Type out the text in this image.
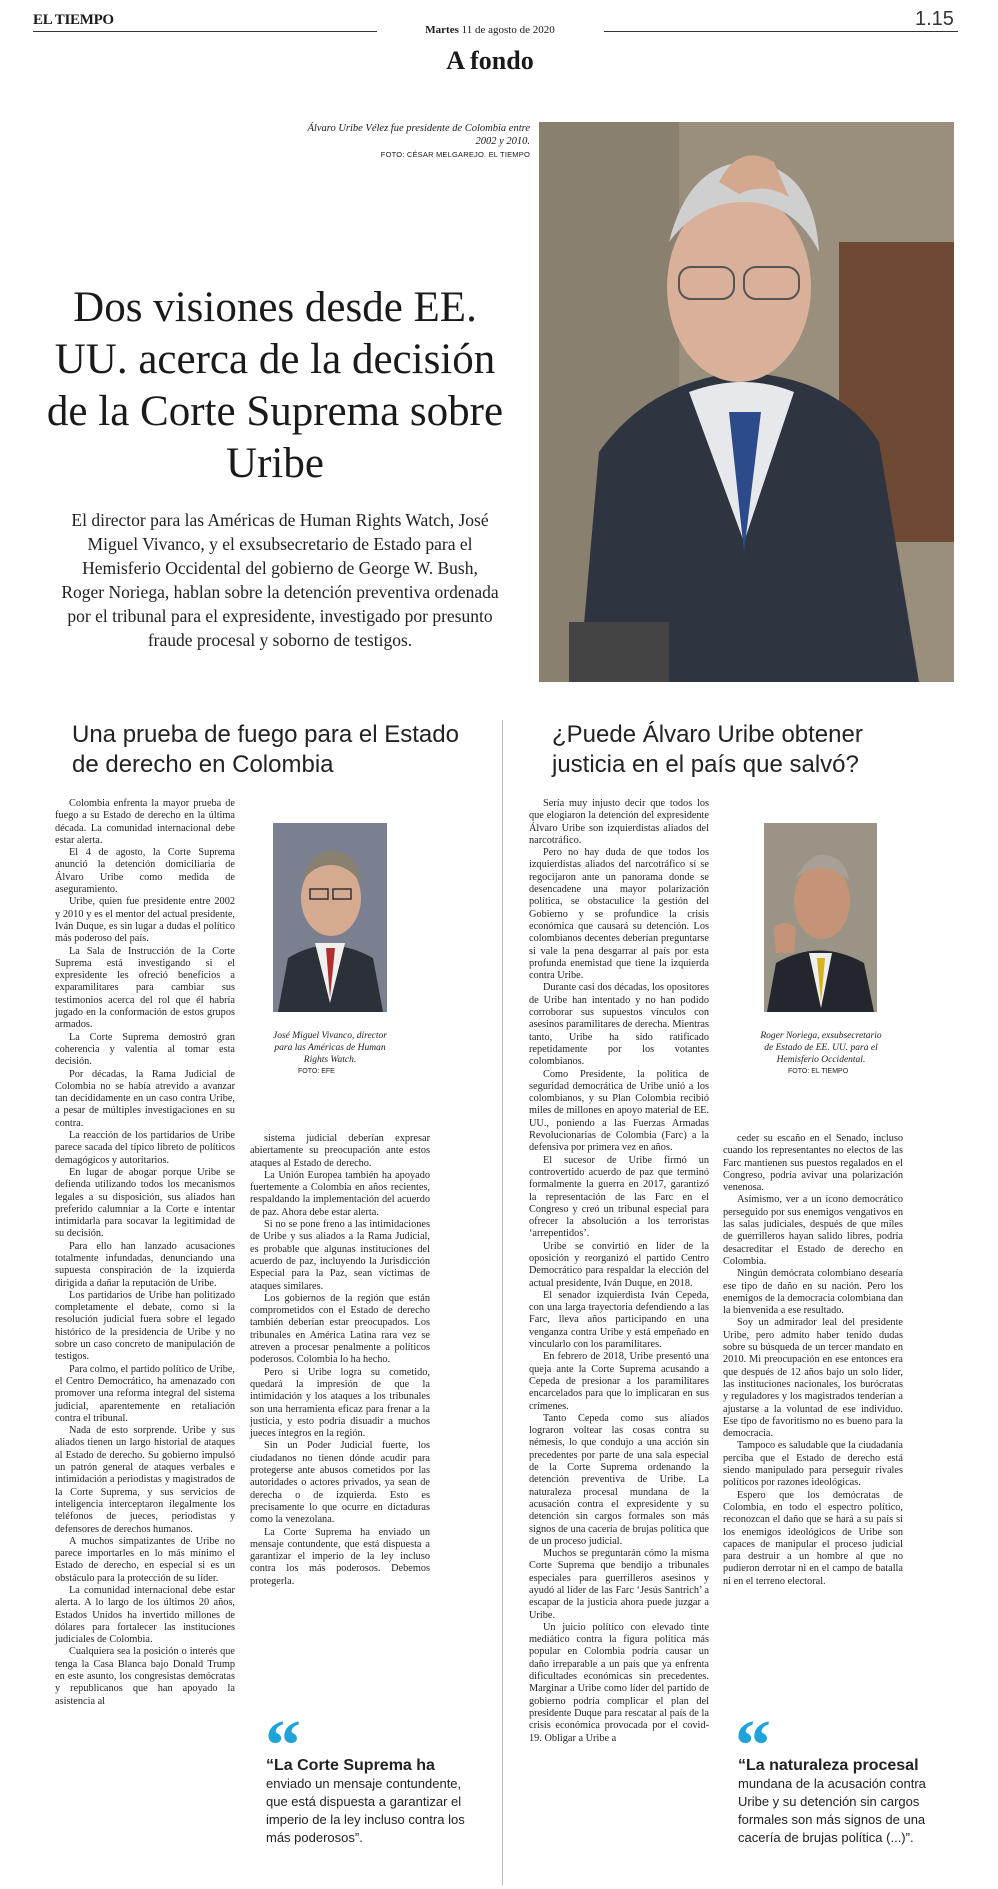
EL TIEMPO
Martes 11 de agosto de 2020	1.15
A fondo
Álvaro Uribe Vélez fue presidente de Colombia entre 2002 y 2010.
FOTO: CÉSAR MELGAREJO. EL TIEMPO
Dos visiones desde EE. UU. acerca de la decisión de la Corte Suprema sobre Uribe
El director para las Américas de Human Rights Watch, José Miguel Vivanco, y el exsubsecretario de Estado para el Hemisferio Occidental del gobierno de George W. Bush, Roger Noriega, hablan sobre la detención preventiva ordenada por el tribunal para el expresidente, investigado por presunto fraude procesal y soborno de testigos.
Una prueba de fuego para el Estado de derecho en Colombia

Colombia enfrenta la mayor prueba de fuego a su Estado de derecho en la última década. La comunidad internacional debe estar alerta.

El 4 de agosto, la Corte Suprema anunció la detención domiciliaria de Álvaro Uribe como medida de aseguramiento.

Uribe, quien fue presidente entre 2002 y 2010 y es el mentor del actual presidente, Iván Duque, es sin lugar a dudas el político más poderoso del país.

La Sala de Instrucción de la Corte Suprema está investigando si el expresidente les ofreció beneficios a exparamilitares para cambiar sus testimonios acerca del rol que él habría jugado en la conformación de estos grupos armados.

La Corte Suprema demostró gran coherencia y valentía al tomar esta decisión.

Por décadas, la Rama Judicial de Colombia no se había atrevido a avanzar tan decididamente en un caso contra Uribe, a pesar de múltiples investigaciones en su contra.

La reacción de los partidarios de Uribe parece sacada del típico libreto de políticos demagógicos y autoritarios.

En lugar de abogar porque Uribe se defienda utilizando todos los mecanismos legales a su disposición, sus aliados han preferido calumniar a la Corte e intentar intimidarla para socavar la legitimidad de su decisión.

Para ello han lanzado acusaciones totalmente infundadas, denunciando una supuesta conspiración de la izquierda dirigida a dañar la reputación de Uribe.

Los partidarios de Uribe han politizado completamente el debate, como si la resolución judicial fuera sobre el legado histórico de la presidencia de Uribe y no sobre un caso concreto de manipulación de testigos.

Para colmo, el partido político de Uribe, el Centro Democrático, ha amenazado con promover una reforma integral del sistema judicial, aparentemente en retaliación contra el tribunal.

Nada de esto sorprende. Uribe y sus aliados tienen un largo historial de ataques al Estado de derecho. Su gobierno impulsó un patrón general de ataques verbales e intimidación a periodistas y magistrados de la Corte Suprema, y sus servicios de inteligencia interceptaron ilegalmente los teléfonos de jueces, periodistas y defensores de derechos humanos.

A muchos simpatizantes de Uribe no parece importarles en lo más mínimo el Estado de derecho, en especial si es un obstáculo para la protección de su líder.

La comunidad internacional debe estar alerta. A lo largo de los últimos 20 años, Estados Unidos ha invertido millones de dólares para fortalecer las instituciones judiciales de Colombia.

Cualquiera sea la posición o interés que tenga la Casa Blanca bajo Donald Trump en este asunto, los congresistas demócratas y republicanos que han apoyado la asistencia al

José Miguel Vivanco, director para las Américas de Human Rights Watch.
FOTO: EFE

sistema judicial deberían expresar abiertamente su preocupación ante estos ataques al Estado de derecho.

La Unión Europea también ha apoyado fuertemente a Colombia en años recientes, respaldando la implementación del acuerdo de paz. Ahora debe estar alerta.

Si no se pone freno a las intimidaciones de Uribe y sus aliados a la Rama Judicial, es probable que algunas instituciones del acuerdo de paz, incluyendo la Jurisdicción Especial para la Paz, sean víctimas de ataques similares.

Los gobiernos de la región que están comprometidos con el Estado de derecho también deberían estar preocupados. Los tribunales en América Latina rara vez se atreven a procesar penalmente a políticos poderosos. Colombia lo ha hecho.

Pero si Uribe logra su cometido, quedará la impresión de que la intimidación y los ataques a los tribunales son una herramienta eficaz para frenar a la justicia, y esto podría disuadir a muchos jueces íntegros en la región.

Sin un Poder Judicial fuerte, los ciudadanos no tienen dónde acudir para protegerse ante abusos cometidos por las autoridades o actores privados, ya sean de derecha o de izquierda. Esto es precisamente lo que ocurre en dictaduras como la venezolana.

La Corte Suprema ha enviado un mensaje contundente, que está dispuesta a garantizar el imperio de la ley incluso contra los más poderosos. Debemos protegerla.

“
“La Corte Suprema ha
enviado un mensaje contundente, que está dispuesta a garantizar el imperio de la ley incluso contra los más poderosos”.
¿Puede Álvaro Uribe obtener justicia en el país que salvó?

Sería muy injusto decir que todos los que elogiaron la detención del expresidente Álvaro Uribe son izquierdistas aliados del narcotráfico.

Pero no hay duda de que todos los izquierdistas aliados del narcotráfico sí se regocijaron ante un panorama donde se desencadene una mayor polarización política, se obstaculice la gestión del Gobierno y se profundice la crisis económica que causará su detención. Los colombianos decentes deberían preguntarse si vale la pena desgarrar al país por esta profunda enemistad que tiene la izquierda contra Uribe.

Durante casi dos décadas, los opositores de Uribe han intentado y no han podido corroborar sus supuestos vínculos con asesinos paramilitares de derecha. Mientras tanto, Uribe ha sido ratificado repetidamente por los votantes colombianos.

Como Presidente, la política de seguridad democrática de Uribe unió a los colombianos, y su Plan Colombia recibió miles de millones en apoyo material de EE. UU., poniendo a las Fuerzas Armadas Revolucionarias de Colombia (Farc) a la defensiva por primera vez en años.

El sucesor de Uribe firmó un controvertido acuerdo de paz que terminó formalmente la guerra en 2017, garantizó la representación de las Farc en el Congreso y creó un tribunal especial para ofrecer la absolución a los terroristas ‘arrepentidos’.

Uribe se convirtió en líder de la oposición y reorganizó el partido Centro Democrático para respaldar la elección del actual presidente, Iván Duque, en 2018.

El senador izquierdista Iván Cepeda, con una larga trayectoria defendiendo a las Farc, lleva años participando en una venganza contra Uribe y está empeñado en vincularlo con los paramilitares.

En febrero de 2018, Uribe presentó una queja ante la Corte Suprema acusando a Cepeda de presionar a los paramilitares encarcelados para que lo implicaran en sus crímenes.

Tanto Cepeda como sus aliados lograron voltear las cosas contra su némesis, lo que condujo a una acción sin precedentes por parte de una sala especial de la Corte Suprema ordenando la detención preventiva de Uribe. La naturaleza procesal mundana de la acusación contra el expresidente y su detención sin cargos formales son más signos de una cacería de brujas política que de un proceso judicial.

Muchos se preguntarán cómo la misma Corte Suprema que bendijo a tribunales especiales para guerrilleros asesinos y ayudó al líder de las Farc ‘Jesús Santrich’ a escapar de la justicia ahora puede juzgar a Uribe.

Un juicio político con elevado tinte mediático contra la figura política más popular en Colombia podría causar un daño irreparable a un país que ya enfrenta dificultades económicas sin precedentes. Marginar a Uribe como líder del partido de gobierno podría complicar el plan del presidente Duque para rescatar al país de la crisis económica provocada por el covid-19. Obligar a Uribe a

Roger Noriega, exsubsecretario de Estado de EE. UU. para el Hemisferio Occidental.
FOTO: EL TIEMPO

ceder su escaño en el Senado, incluso cuando los representantes no electos de las Farc mantienen sus puestos regalados en el Congreso, podría avivar una polarización venenosa.

Asímismo, ver a un ícono democrático perseguido por sus enemigos vengativos en las salas judiciales, después de que miles de guerrilleros hayan salido libres, podría desacreditar el Estado de derecho en Colombia.

Ningún demócrata colombiano desearía ese tipo de daño en su nación. Pero los enemigos de la democracia colombiana dan la bienvenida a ese resultado.

Soy un admirador leal del presidente Uribe, pero admito haber tenido dudas sobre su búsqueda de un tercer mandato en 2010. Mi preocupación en ese entonces era que después de 12 años bajo un solo líder, las instituciones nacionales, los burócratas y reguladores y los magistrados tenderían a ajustarse a la voluntad de ese individuo. Ese tipo de favoritismo no es bueno para la democracia.

Tampoco es saludable que la ciudadanía perciba que el Estado de derecho está siendo manipulado para perseguir rivales políticos por razones ideológicas.

Espero que los demócratas de Colombia, en todo el espectro político, reconozcan el daño que se hará a su país si los enemigos ideológicos de Uribe son capaces de manipular el proceso judicial para destruir a un hombre al que no pudieron derrotar ni en el campo de batalla ni en el terreno electoral.

“
“La naturaleza procesal
mundana de la acusación contra Uribe y su detención sin cargos formales son más signos de una cacería de brujas política (...)”.
